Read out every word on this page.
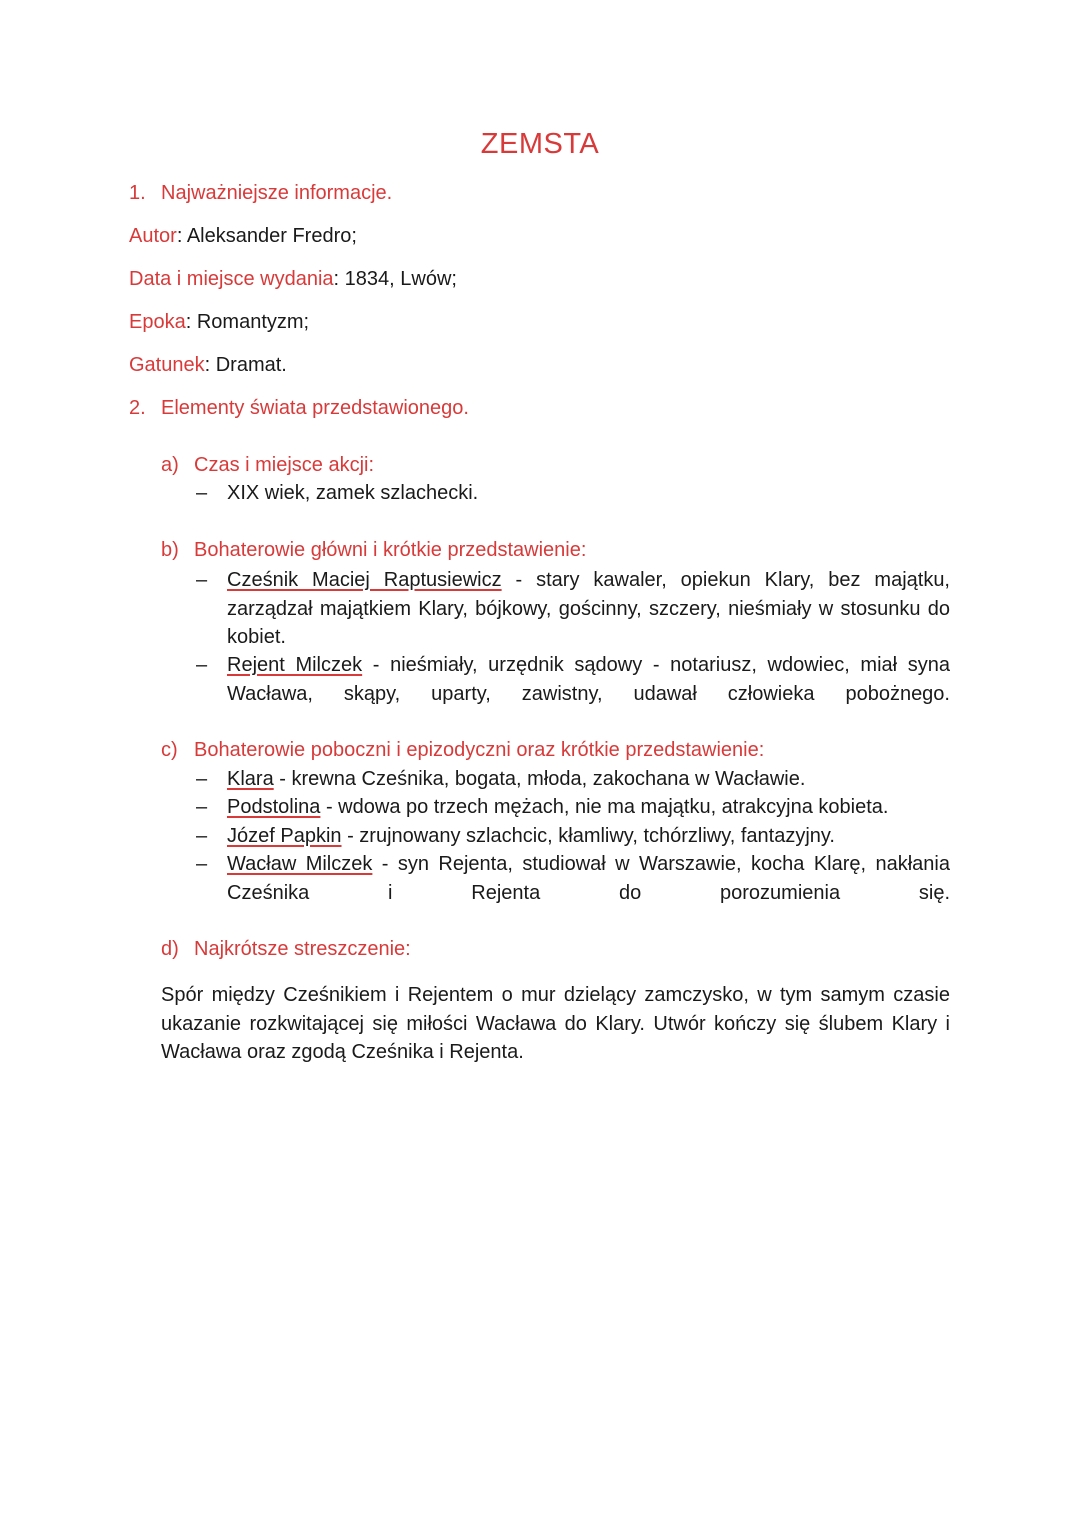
ZEMSTA
1. Najważniejsze informacje.
Autor: Aleksander Fredro;
Data i miejsce wydania: 1834, Lwów;
Epoka: Romantyzm;
Gatunek: Dramat.
2. Elementy świata przedstawionego.
a) Czas i miejsce akcji:
– XIX wiek, zamek szlachecki.
b) Bohaterowie główni i krótkie przedstawienie:
– Cześnik Maciej Raptusiewicz - stary kawaler, opiekun Klary, bez majątku, zarządzał majątkiem Klary, bójkowy, gościnny, szczery, nieśmiały w stosunku do kobiet.
– Rejent Milczek - nieśmiały, urzędnik sądowy - notariusz, wdowiec, miał syna Wacława, skąpy, uparty, zawistny, udawał człowieka pobożnego.
c) Bohaterowie poboczni i epizodyczni oraz krótkie przedstawienie:
– Klara - krewna Cześnika, bogata, młoda, zakochana w Wacławie.
– Podstolina - wdowa po trzech mężach, nie ma majątku, atrakcyjna kobieta.
– Józef Papkin - zrujnowany szlachcic, kłamliwy, tchórzliwy, fantazyjny.
– Wacław Milczek - syn Rejenta, studiował w Warszawie, kocha Klarę, nakłania Cześnika i Rejenta do porozumienia się.
d) Najkrótsze streszczenie:
Spór między Cześnikiem i Rejentem o mur dzielący zamczysko, w tym samym czasie ukazanie rozkwitającej się miłości Wacława do Klary. Utwór kończy się ślubem Klary i Wacława oraz zgodą Cześnika i Rejenta.
